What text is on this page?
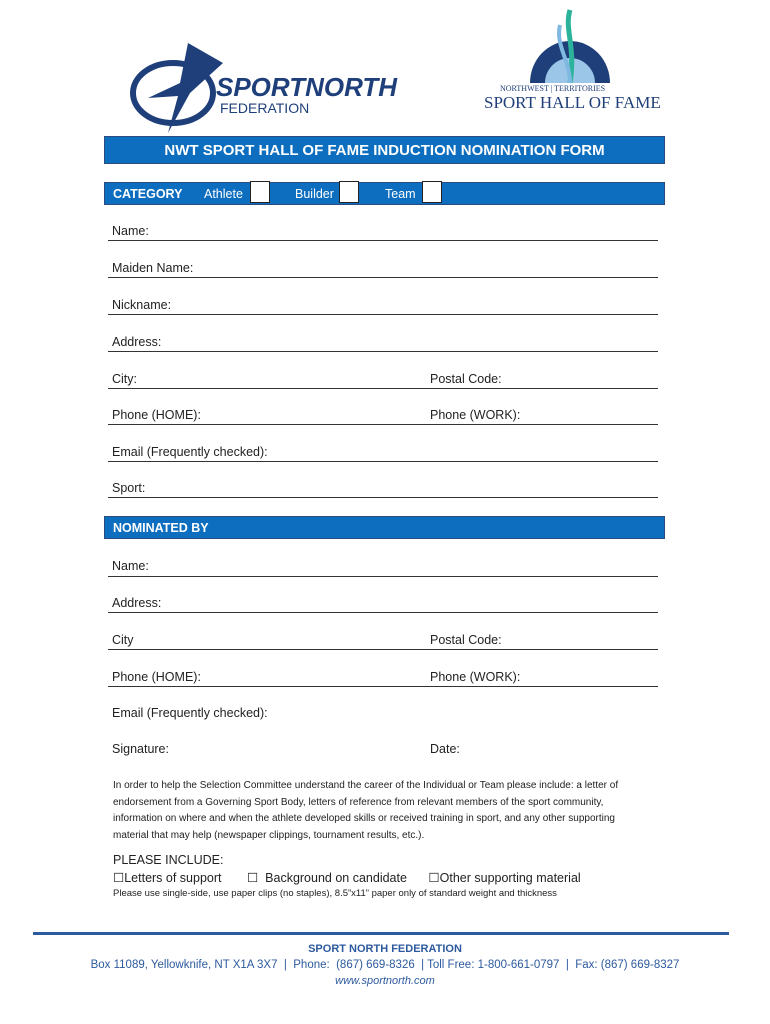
SPORTNORTH
FEDERATION
NORTHWEST | TERRITORIES
SPORT HALL OF FAME
NWT SPORT HALL OF FAME INDUCTION NOMINATION FORM
CATEGORY Athlete	Builder	Team
Name:
Maiden Name:
Nickname:
Address:
City:	Postal Code:
Phone (HOME):	Phone (WORK):
Email (Frequently checked):
Sport:
NOMINATED BY
Name:
Address:
City	Postal Code:
Phone (HOME):	Phone (WORK):
Email (Frequently checked):
Signature:	Date:
In order to help the Selection Committee understand the career of the Individual or Team please include: a letter of endorsement from a Governing Sport Body, letters of reference from relevant members of the sport community, information on where and when the athlete developed skills or received training in sport, and any other supporting material that may help (newspaper clippings, tournament results, etc.).
PLEASE INCLUDE:
☐Letters of support ☐ Background on candidate ☐Other supporting material
Please use single-side, use paper clips (no staples), 8.5”x11” paper only of standard weight and thickness
SPORT NORTH FEDERATION
Box 11089, Yellowknife, NT X1A 3X7  |  Phone:  (867) 669-8326  | Toll Free: 1-800-661-0797  |  Fax: (867) 669-8327
www.sportnorth.com
